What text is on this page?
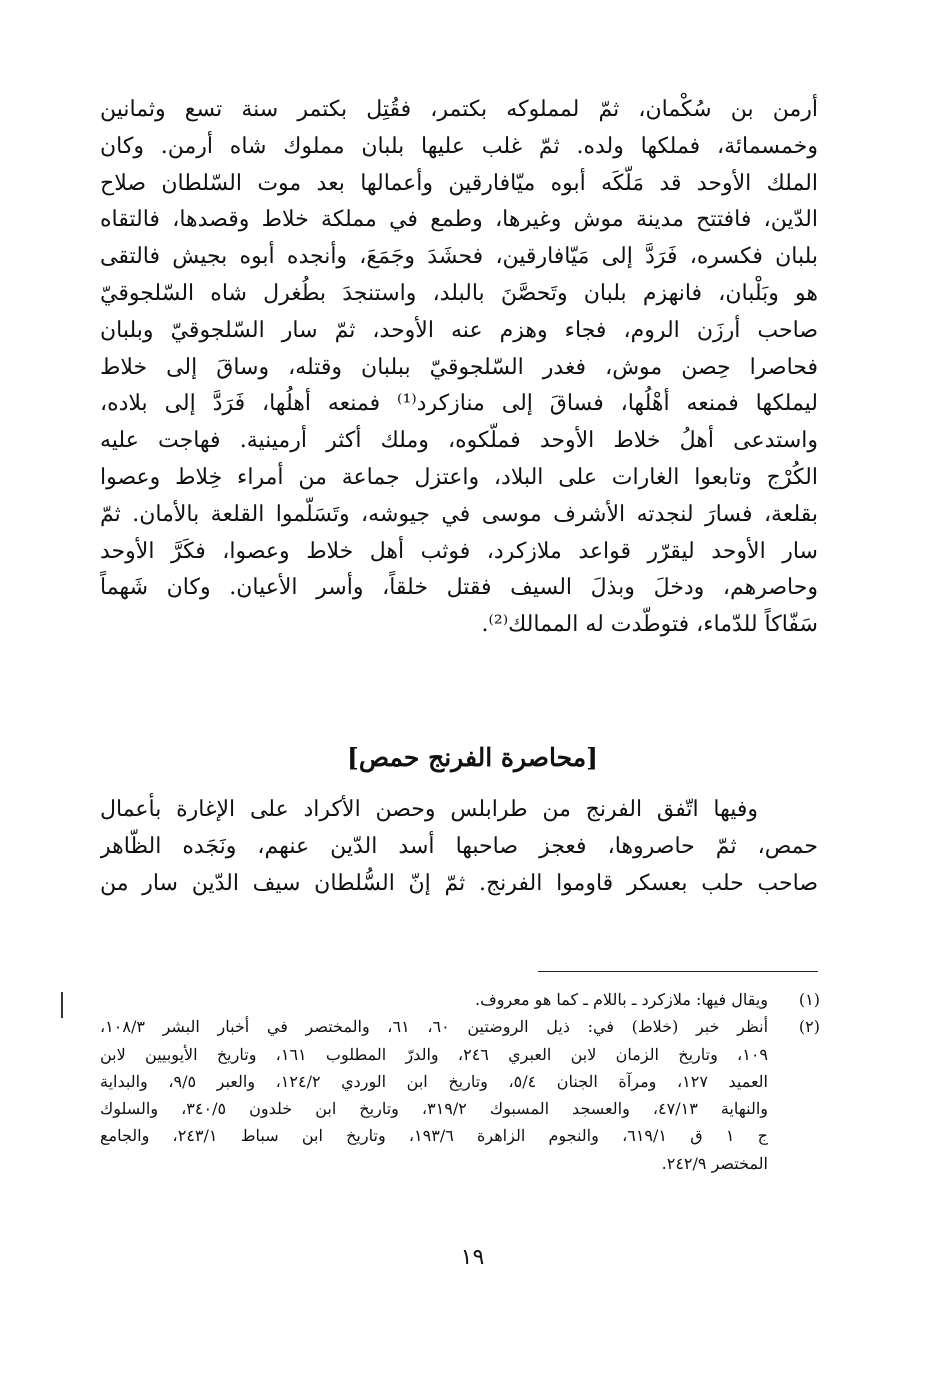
أرمن بن سُكْمان، ثمّ لمملوكه بكتمر، فقُتِل بكتمر سنة تسع وثمانين
وخمسمائة، فملكها ولده. ثمّ غلب عليها بلبان مملوك شاه أرمن. وكان
الملك الأوحد قد مَلّكَه أبوه ميّافارقين وأعمالها بعد موت السّلطان صلاح
الدّين، فافتتح مدينة موش وغيرها، وطمع في مملكة خلاط وقصدها، فالتقاه
بلبان فكسره، فَرَدَّ إلى مَيّافارقين، فحشَدَ وجَمَعَ، وأنجده أبوه بجيش فالتقى
هو وبَلْبان، فانهزم بلبان وتَحصَّنَ بالبلد، واستنجدَ بطُغرل شاه السّلجوقيّ
صاحب أرزَن الروم، فجاء وهزم عنه الأوحد، ثمّ سار السّلجوقيّ وبلبان
فحاصرا حِصن موش، فغدر السّلجوقيّ ببلبان وقتله، وساقَ إلى خلاط
ليملكها فمنعه أهْلُها، فساقَ إلى منازكرد⁽¹⁾ فمنعه أهلُها، فَرَدَّ إلى بلاده،
واستدعى أهلُ خلاط الأوحد فملّكوه، وملك أكثر أرمينية. فهاجت عليه
الكُرْج وتابعوا الغارات على البلاد، واعتزل جماعة من أمراء خِلاط وعصوا
بقلعة، فسارَ لنجدته الأشرف موسى في جيوشه، وتَسَلَّموا القلعة بالأمان. ثمّ
سار الأوحد ليقرّر قواعد ملازكرد، فوثب أهل خلاط وعصوا، فكَرَّ الأوحد
وحاصرهم، ودخلَ وبذلَ السيف فقتل خلقاً، وأسر الأعيان. وكان شَهماً
سَفّاكاً للدّماء، فتوطّدت له الممالك⁽²⁾.
[محاصرة الفرنج حمص]
وفيها اتّفق الفرنج من طرابلس وحصن الأكراد على الإغارة بأعمال
حمص، ثمّ حاصروها، فعجز صاحبها أسد الدّين عنهم، ونَجَده الظّاهر
صاحب حلب بعسكر قاوموا الفرنج. ثمّ إنّ السُّلطان سيف الدّين سار من
(١)
ويقال فيها: ملازكرد ـ باللام ـ كما هو معروف.
(٢)
أنظر خبر (خلاط) في: ذيل الروضتين ٦٠، ٦١، والمختصر في أخبار البشر ١٠٨/٣،
١٠٩، وتاريخ الزمان لابن العبري ٢٤٦، والدرّ المطلوب ١٦١، وتاريخ الأيوبيين لابن
العميد ١٢٧، ومرآة الجنان ٥/٤، وتاريخ ابن الوردي ١٢٤/٢، والعبر ٩/٥، والبداية
والنهاية ٤٧/١٣، والعسجد المسبوك ٣١٩/٢، وتاريخ ابن خلدون ٣٤٠/٥، والسلوك
ج ١ ق ٦١٩/١، والنجوم الزاهرة ١٩٣/٦، وتاريخ ابن سباط ٢٤٣/١، والجامع
المختصر ٢٤٢/٩.
١٩
